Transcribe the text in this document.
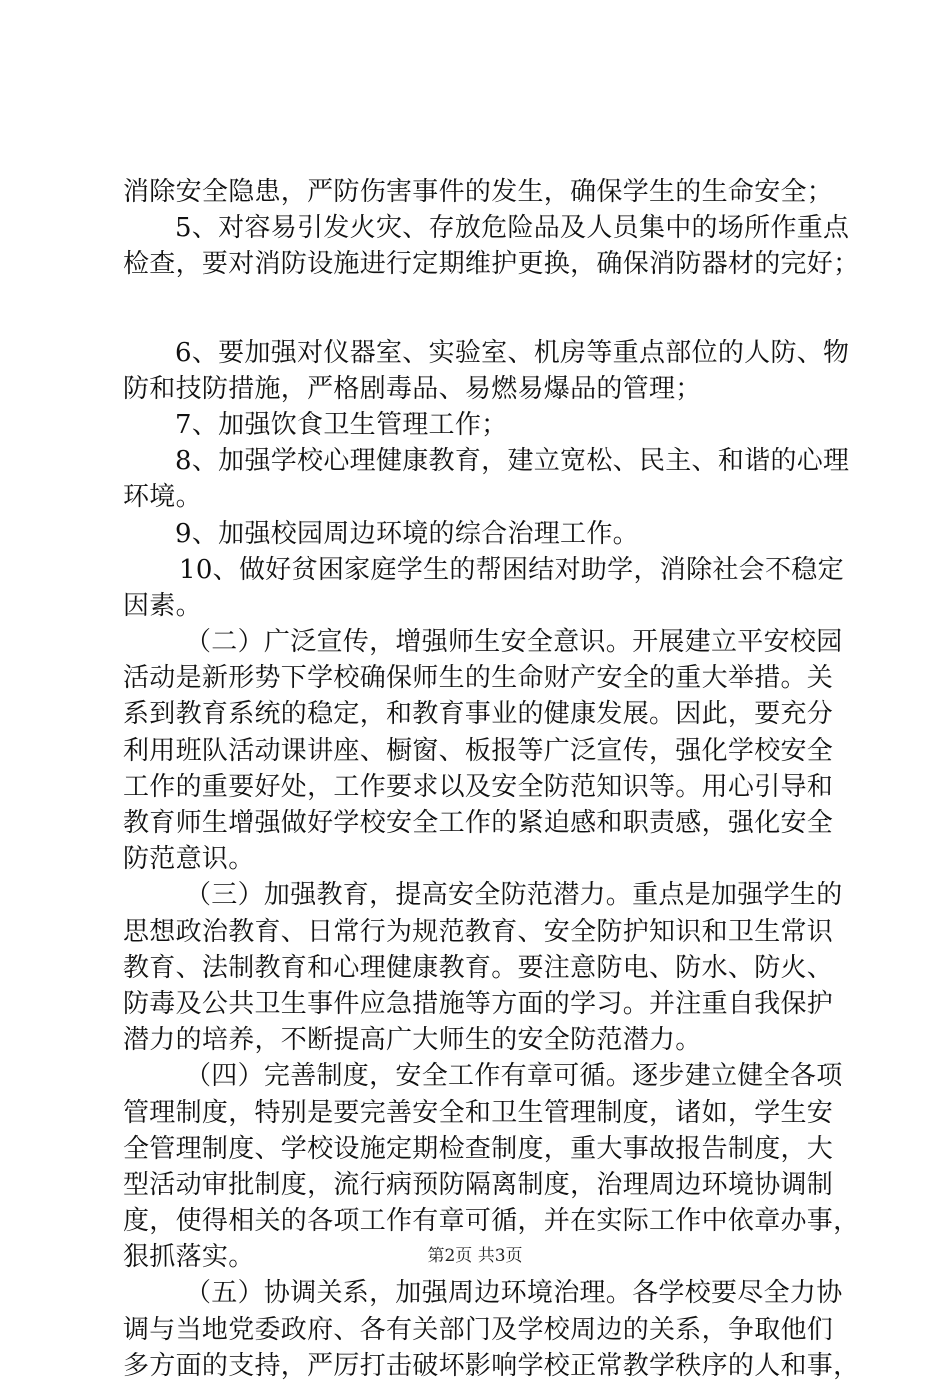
消除安全隐患，严防伤害事件的发生，确保学生的生命安全；
5、对容易引发火灾、存放危险品及人员集中的场所作重点
检查，要对消防设施进行定期维护更换，确保消防器材的完好；
6、要加强对仪器室、实验室、机房等重点部位的人防、物
防和技防措施，严格剧毒品、易燃易爆品的管理；
7、加强饮食卫生管理工作；
8、加强学校心理健康教育，建立宽松、民主、和谐的心理
环境。
9、加强校园周边环境的综合治理工作。
10、做好贫困家庭学生的帮困结对助学，消除社会不稳定
因素。
（二）广泛宣传，增强师生安全意识。开展建立平安校园
活动是新形势下学校确保师生的生命财产安全的重大举措。关
系到教育系统的稳定，和教育事业的健康发展。因此，要充分
利用班队活动课讲座、橱窗、板报等广泛宣传，强化学校安全
工作的重要好处，工作要求以及安全防范知识等。用心引导和
教育师生增强做好学校安全工作的紧迫感和职责感，强化安全
防范意识。
（三）加强教育，提高安全防范潜力。重点是加强学生的
思想政治教育、日常行为规范教育、安全防护知识和卫生常识
教育、法制教育和心理健康教育。要注意防电、防水、防火、
防毒及公共卫生事件应急措施等方面的学习。并注重自我保护
潜力的培养，不断提高广大师生的安全防范潜力。
（四）完善制度，安全工作有章可循。逐步建立健全各项
管理制度，特别是要完善安全和卫生管理制度，诸如，学生安
全管理制度、学校设施定期检查制度，重大事故报告制度，大
型活动审批制度，流行病预防隔离制度，治理周边环境协调制
度，使得相关的各项工作有章可循，并在实际工作中依章办事，
狠抓落实。
（五）协调关系，加强周边环境治理。各学校要尽全力协
调与当地党委政府、各有关部门及学校周边的关系，争取他们
多方面的支持，严厉打击破坏影响学校正常教学秩序的人和事，
第2页 共3页
